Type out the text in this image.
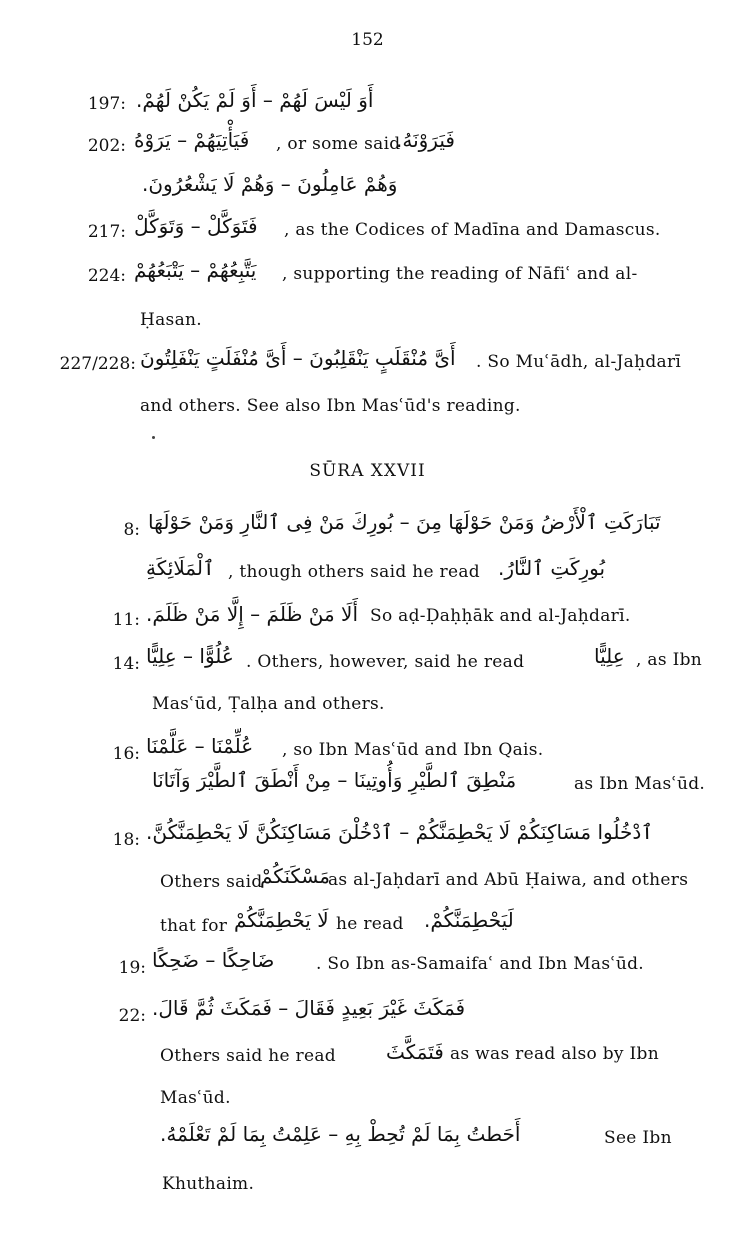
152
197: أَوَ لَيْسَ لَهُمْ – أَوَ لَمْ يَكُنْ لَهُمْ.
202: فَيَأْتِيَهُمْ – يَرَوْهُ , or some said
فَيَرَوْنَهُ.
وَهُمْ عَامِلُونَ – وَهُمْ لَا يَشْعُرُونَ.
217: فَتَوَكَّلْ – وَتَوَكَّلْ , as the Codices of Madīna and Damascus.
224: يَتَّبِعُهُمْ – يَتْبَعُهُمْ , supporting the reading of Nāfiʿ and al-
Ḥasan.
227/228: أَىَّ مُنْقَلَبٍ يَنْقَلِبُونَ – أَىَّ مُنْفَلَتٍ يَنْفَلِتُونَ . So Muʿādh, al-Jaḥdarī
and others. See also Ibn Masʿūd's reading.
SŪRA XXVII
8: تَبَارَكَتِ ٱلْأَرْضُ وَمَنْ حَوْلَهَا مِنَ – بُورِكَ مَنْ فِى ٱلنَّارِ وَمَنْ حَوْلَهَا
ٱلْمَلَائِكَةِ , though others said he read بُورِكَتِ ٱلنَّارُ.
11: أَلَا مَنْ ظَلَمَ – إِلَّا مَنْ ظَلَمَ. So aḍ-Ḍaḥḥāk and al-Jaḥdarī.
14: عُلُوًّا – عِلِيًّا . Others, however, said he read	عِلِيًّا , as Ibn
Masʿūd, Ṭalḥa and others.
16: عُلِّمْنَا – عَلَّمْنَا , so Ibn Masʿūd and Ibn Qais.
مَنْطِقَ ٱلطَّيْرِ وَأُوتِينَا – مِنْ أَنْطَقَ ٱلطَّيْرَ وَآتَانَا	as Ibn Masʿūd.
18: ٱدْخُلُوا مَسَاكِنَكُمْ لَا يَحْطِمَنَّكُمْ – ٱدْخُلْنَ مَسَاكِنَكُنَّ لَا يَحْطِمَنَّكُنَّ.
Others said
مَسْكَنَكُمْ
as al-Jaḥdarī and Abū Ḥaiwa, and others
that for لَا يَحْطِمَنَّكُمْ he read لَيَحْطِمَنَّكُمْ.
19: ضَاحِكًا – ضَحِكًا . So Ibn as-Samaifaʿ and Ibn Masʿūd.
22: فَمَكَثَ غَيْرَ بَعِيدٍ فَقَالَ – فَمَكَثَ ثُمَّ قَالَ.
Others said he read	فَتَمَكَّثَ as was read also by Ibn
Masʿūd.
أَحَطتُ بِمَا لَمْ تُحِطْ بِهِ – عَلِمْتُ بِمَا لَمْ تَعْلَمْهُ.	See Ibn
Khuthaim.
